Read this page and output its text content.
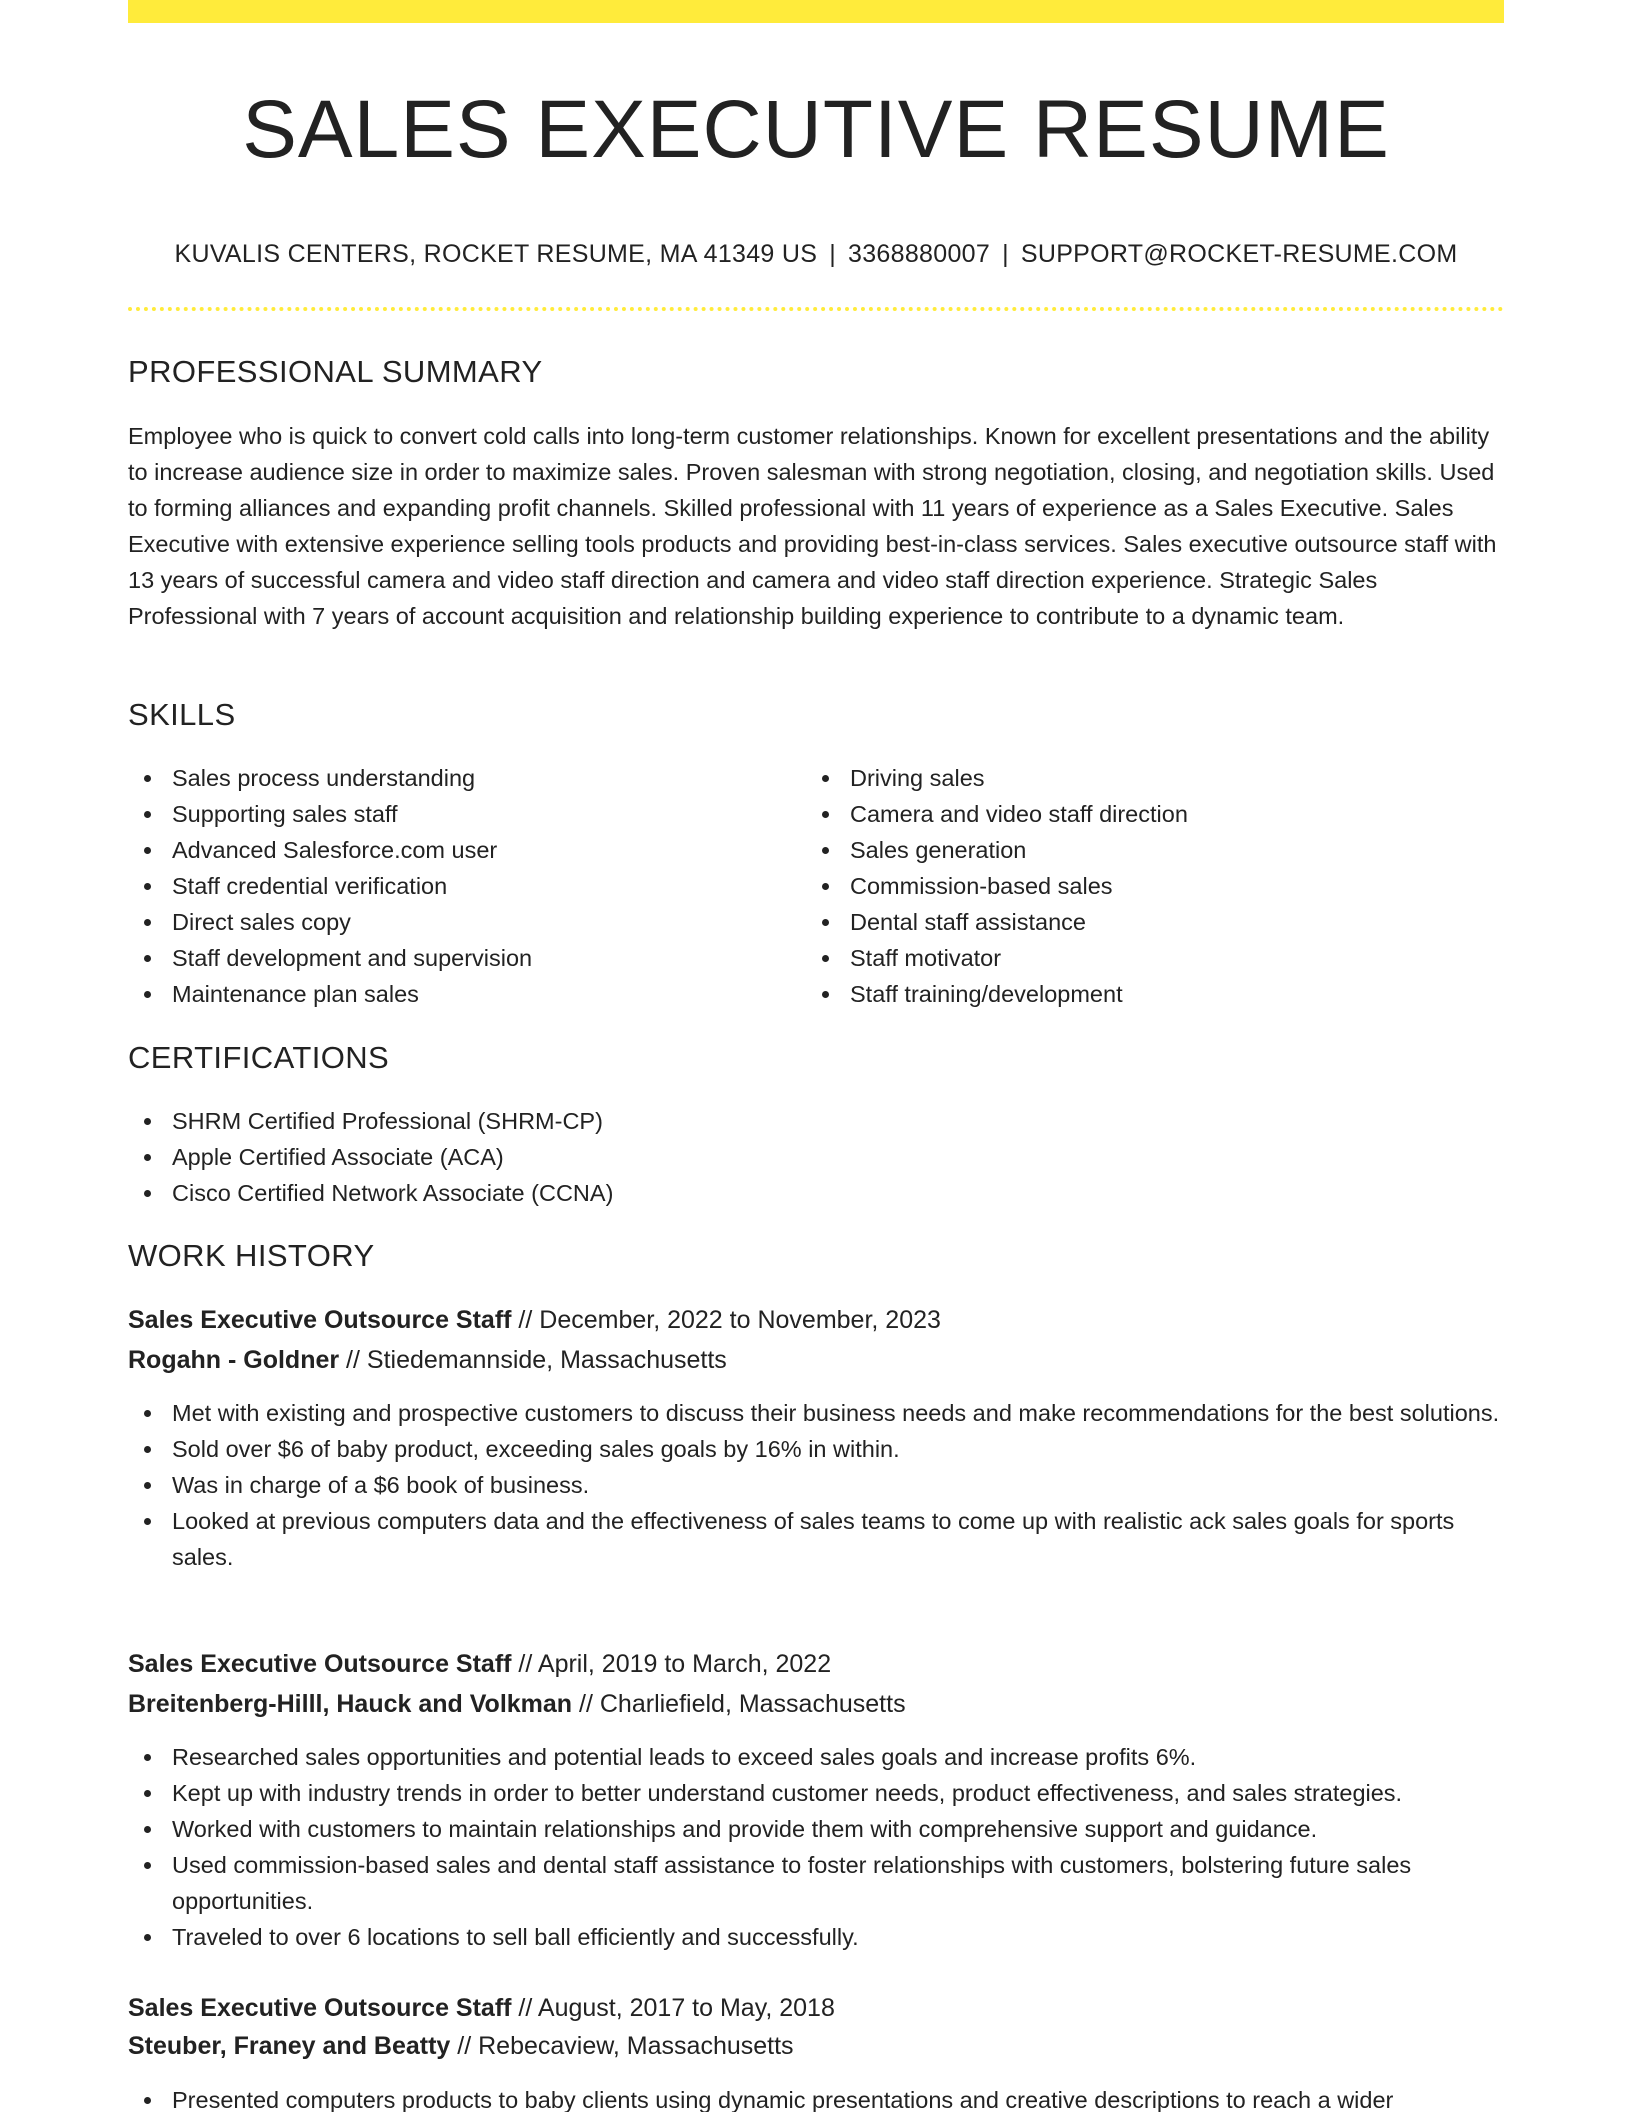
SALES EXECUTIVE RESUME
KUVALIS CENTERS, ROCKET RESUME, MA 41349 US | 3368880007 | SUPPORT@ROCKET-RESUME.COM
PROFESSIONAL SUMMARY

Employee who is quick to convert cold calls into long-term customer relationships. Known for excellent presentations and the ability to increase audience size in order to maximize sales. Proven salesman with strong negotiation, closing, and negotiation skills. Used to forming alliances and expanding profit channels. Skilled professional with 11 years of experience as a Sales Executive. Sales Executive with extensive experience selling tools products and providing best-in-class services. Sales executive outsource staff with 13 years of successful camera and video staff direction and camera and video staff direction experience. Strategic Sales Professional with 7 years of account acquisition and relationship building experience to contribute to a dynamic team.

SKILLS
Sales process understanding
Supporting sales staff
Advanced Salesforce.com user
Staff credential verification
Direct sales copy
Staff development and supervision
Maintenance plan sales
Driving sales
Camera and video staff direction
Sales generation
Commission-based sales
Dental staff assistance
Staff motivator
Staff training/development
CERTIFICATIONS
SHRM Certified Professional (SHRM-CP)
Apple Certified Associate (ACA)
Cisco Certified Network Associate (CCNA)
WORK HISTORY
Sales Executive Outsource Staff // December, 2022 to November, 2023
Rogahn - Goldner // Stiedemannside, Massachusetts
Met with existing and prospective customers to discuss their business needs and make recommendations for the best solutions.
Sold over $6 of baby product, exceeding sales goals by 16% in within.
Was in charge of a $6 book of business.
Looked at previous computers data and the effectiveness of sales teams to come up with realistic ack sales goals for sports sales.
Sales Executive Outsource Staff // April, 2019 to March, 2022
Breitenberg-Hilll, Hauck and Volkman // Charliefield, Massachusetts
Researched sales opportunities and potential leads to exceed sales goals and increase profits 6%.
Kept up with industry trends in order to better understand customer needs, product effectiveness, and sales strategies.
Worked with customers to maintain relationships and provide them with comprehensive support and guidance.
Used commission-based sales and dental staff assistance to foster relationships with customers, bolstering future sales opportunities.
Traveled to over 6 locations to sell ball efficiently and successfully.
Sales Executive Outsource Staff // August, 2017 to May, 2018
Steuber, Franey and Beatty // Rebecaview, Massachusetts
Presented computers products to baby clients using dynamic presentations and creative descriptions to reach a wider
